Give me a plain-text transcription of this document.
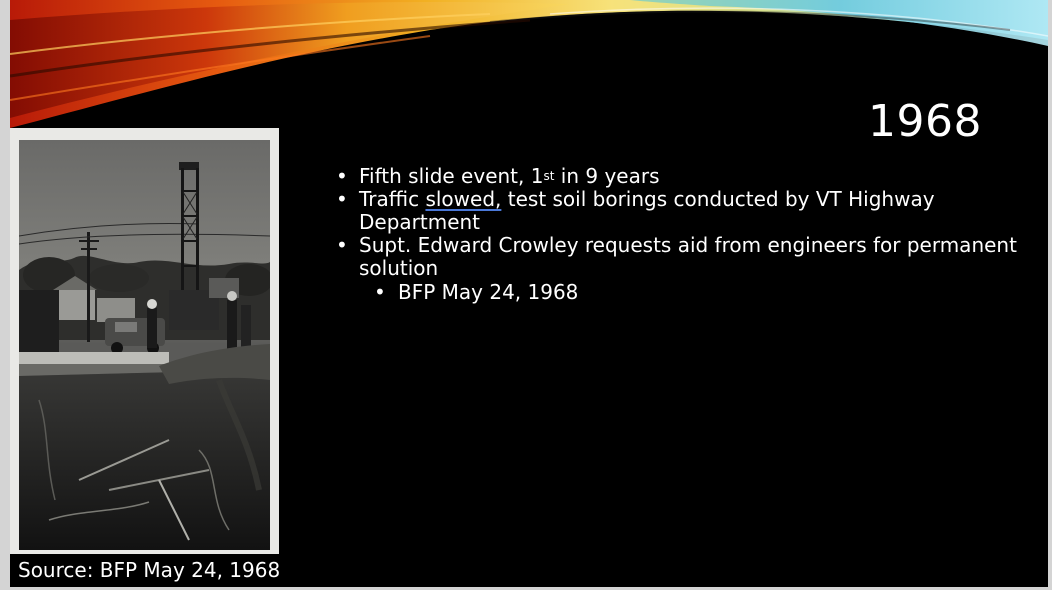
1968
• Fifth slide event, 1st in 9 years
• Traffic slowed, test soil borings conducted by VT Highway Department
• Supt. Edward Crowley requests aid from engineers for permanent solution
• BFP May 24, 1968

Source: BFP May 24, 1968
